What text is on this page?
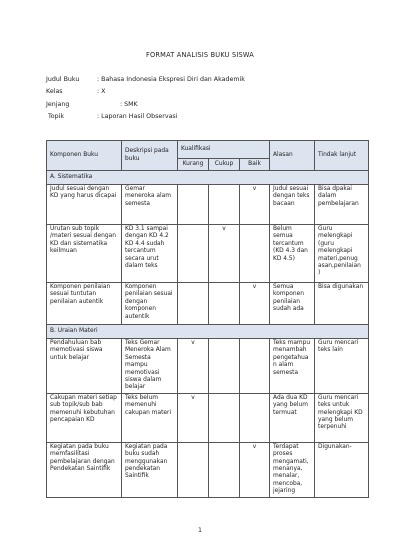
FORMAT ANALISIS BUKU SISWA
Judul Buku	: Bahasa Indonesia Ekspresi Diri dan Akademik
Kelas	: X
Jenjang	: SMK
Topik	: Laporan Hasil Observasi
Komponen Buku	Deskripsi pada buku	Kualifikasi			Alasan	Tindak lanjut
		Kurang	Cukup	Baik		
A. Sistematika						
Judul sesuai dengan KD yang harus dicapai	Gemar meneroka alam semesta			v	Judul sesuai dengan teks bacaan	Bisa dpakai dalam pembelajaran
Urutan sub topik /materi sesuai dengan KD dan sistematika keilmuan	KD 3.1 sampai dengan KD 4.2 KD 4.4 sudah tercantum secara urut dalam teks		v		Belum semua tercantum (KD 4.3 dan KD 4.5)	Guru melengkapi (guru melengkapi materi,penug asan,penilaian )
Komponen penilaian sesuai tuntutan penilaian autentik	Komponen penilaian sesuai dengan komponen autentik			v	Semua komponen penilaian sudah ada	Bisa digunakan
B. Uraian Materi						
Pendahuluan bab memotivasi siswa untuk belajar	Teks Gemar Meneroka Alam Semesta mampu memotivasi siswa dalam belajar	v			Teks mampu menambah pengetahua n alam semesta	Guru mencari teks lain
Cakupan materi setiap sub topik/sub bab memenuhi kebutuhan pencapaian KD	Teks belum memenuhi cakupan materi	v			Ada dua KD yang belum termuat	Guru mencari teks untuk melengkapi KD yang belum terpenuhi
Kegiatan pada buku memfasilitasi pembelajaran dengan Pendekatan Saintifik	Kegiatan pada buku sudah menggunakan pendekatan Saintifik			v	Terdapat proses mengamati, menanya, menalar, mencoba, jejaring	Digunakan-
1
